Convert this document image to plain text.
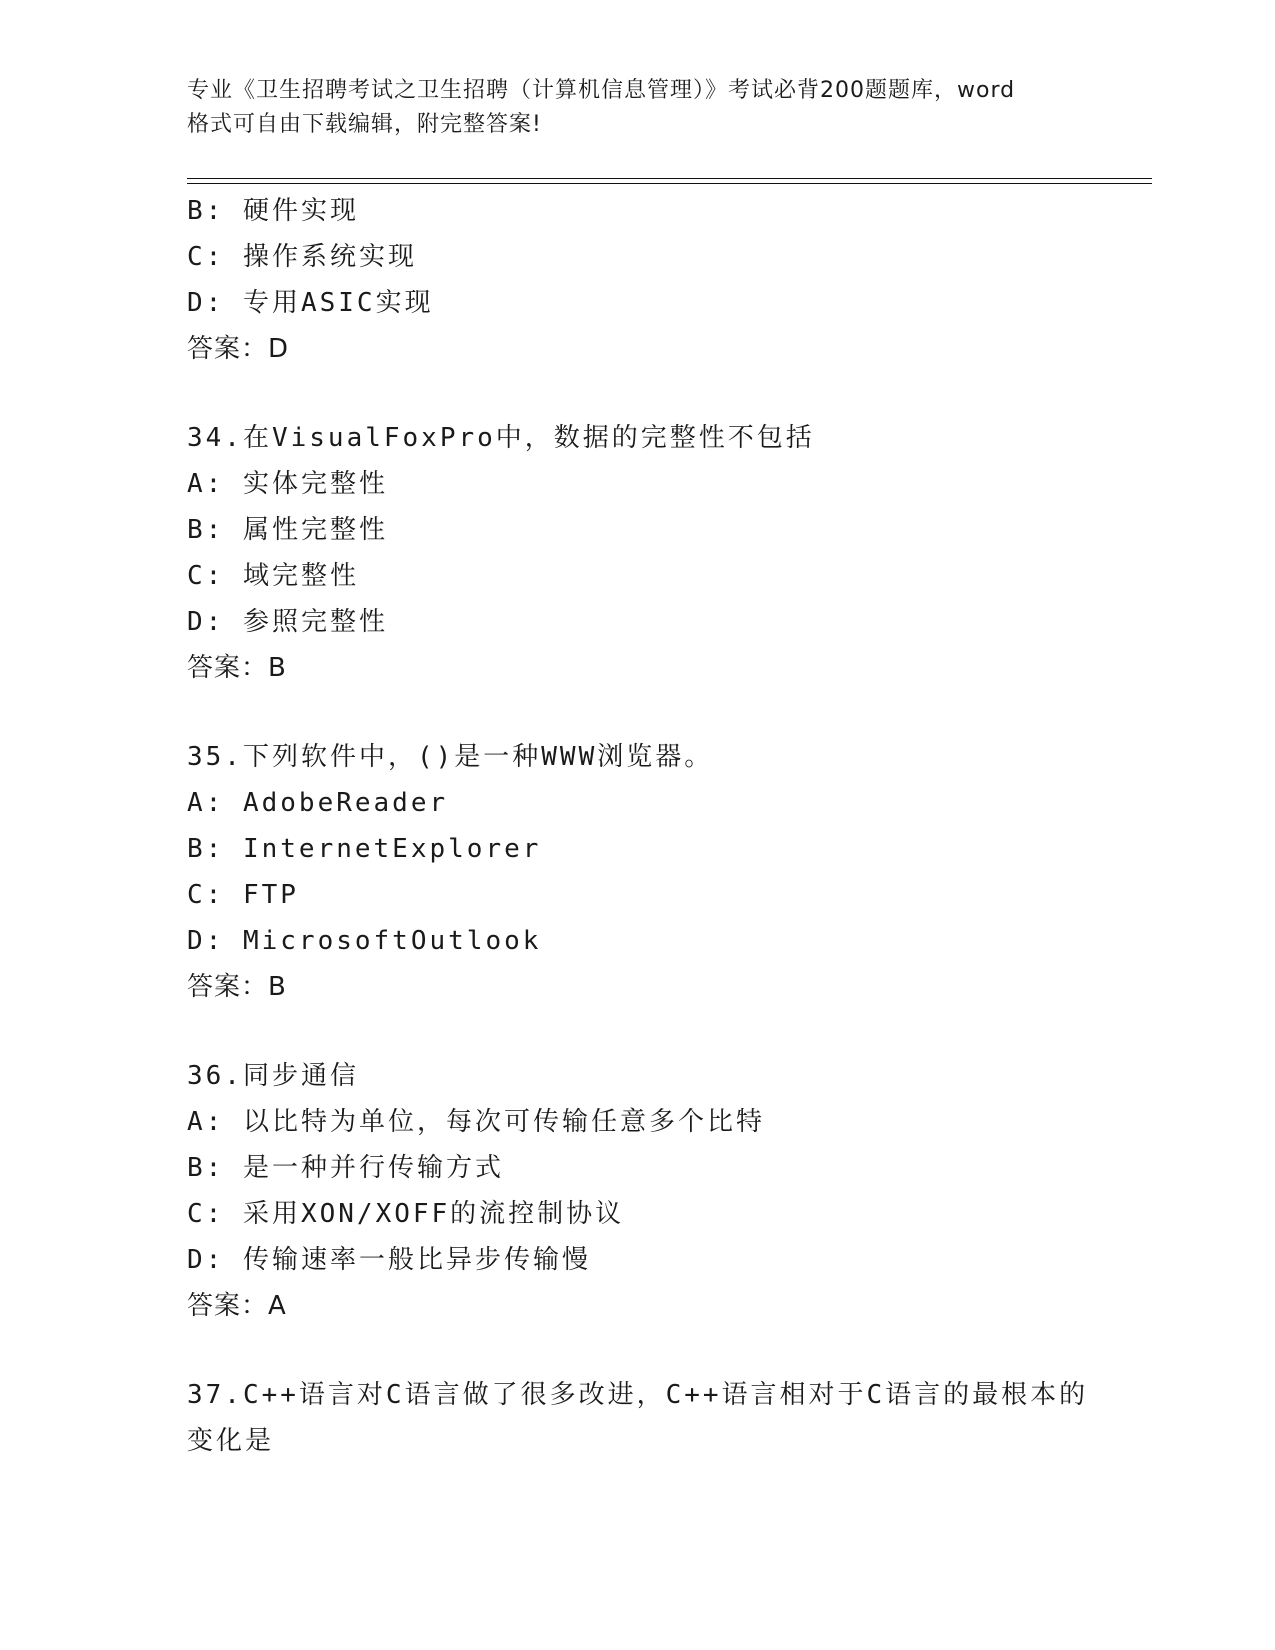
专业《卫生招聘考试之卫生招聘（计算机信息管理）》考试必背200题题库，word
格式可自由下载编辑，附完整答案!
B: 硬件实现
C: 操作系统实现
D: 专用ASIC实现
答案：D
34.在VisualFoxPro中，数据的完整性不包括
A: 实体完整性
B: 属性完整性
C: 域完整性
D: 参照完整性
答案：B
35.下列软件中，()是一种WWW浏览器。
A: AdobeReader
B: InternetExplorer
C: FTP
D: MicrosoftOutlook
答案：B
36.同步通信
A: 以比特为单位，每次可传输任意多个比特
B: 是一种并行传输方式
C: 采用XON/XOFF的流控制协议
D: 传输速率一般比异步传输慢
答案：A
37.C++语言对C语言做了很多改进，C++语言相对于C语言的最根本的
变化是
